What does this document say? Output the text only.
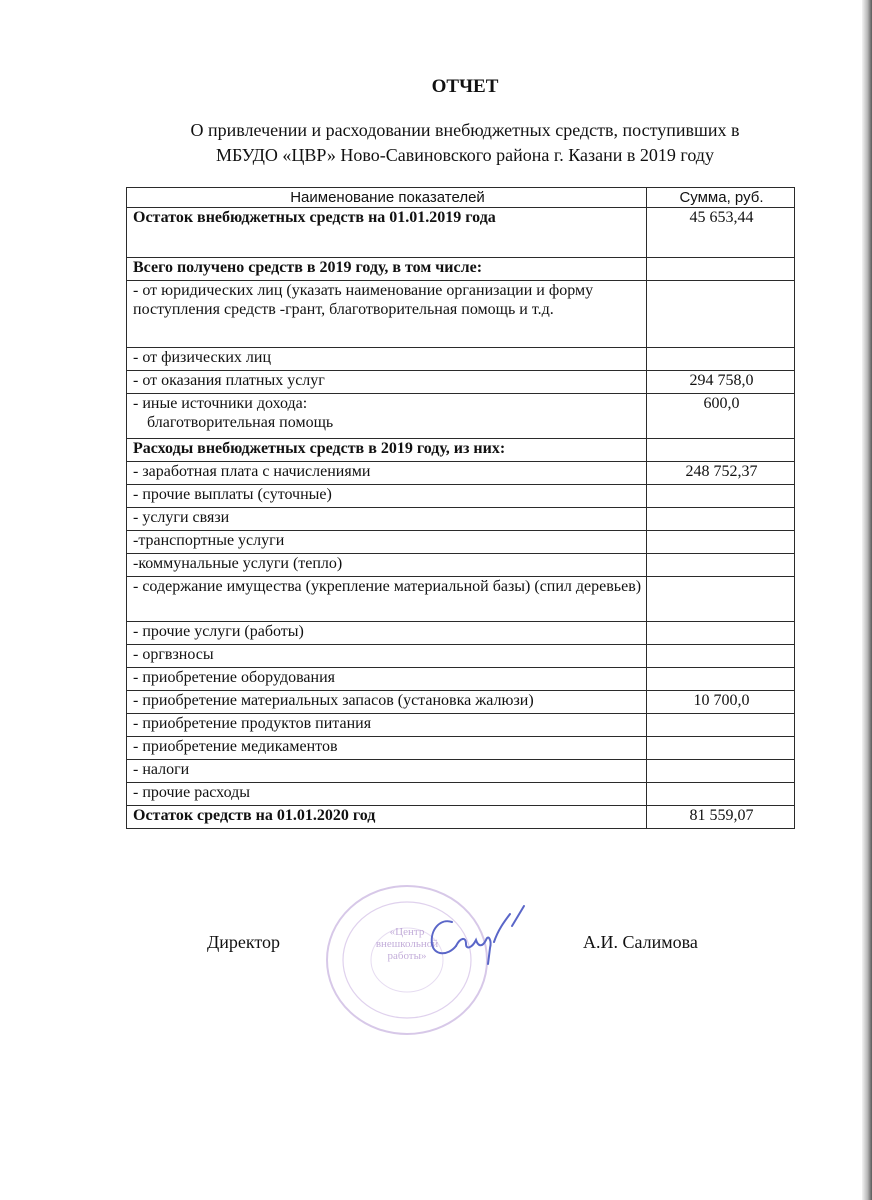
ОТЧЕТ
О привлечении и расходовании внебюджетных средств, поступивших в
МБУДО «ЦВР» Ново-Савиновского района г. Казани в 2019 году
Наименование показателей	Сумма, руб.
Остаток внебюджетных средств на 01.01.2019 года	45 653,44
Всего получено средств в 2019 году, в том числе:	
- от юридических лиц (указать наименование организации и форму поступления средств -грант, благотворительная помощь и т.д.	
- от физических лиц	
- от оказания платных услуг	294 758,0

- иные источники дохода:
благотворительная помощь	600,0
Расходы внебюджетных средств в 2019 году, из них:	
- заработная плата с начислениями	248 752,37
- прочие выплаты (суточные)	
- услуги связи	
-транспортные услуги	
-коммунальные услуги (тепло)	
- содержание имущества (укрепление материальной базы) (спил деревьев)	
- прочие услуги (работы)	
- оргвзносы	
- приобретение оборудования	
- приобретение материальных запасов (установка жалюзи)	10 700,0
- приобретение продуктов питания	
- приобретение медикаментов	
- налоги	
- прочие расходы	
Остаток средств на 01.01.2020 год	81 559,07
Директор	«Центр
внешкольной
работы»
А.И. Салимова
